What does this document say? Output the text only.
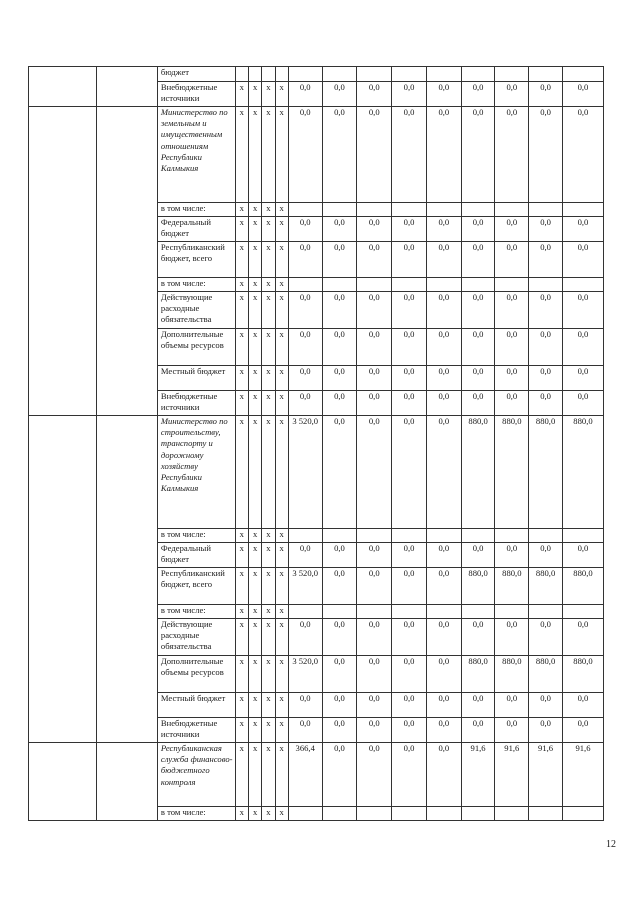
		бюджет													
		Внебюджетные источники	x	x	x	x	0,0	0,0	0,0	0,0	0,0	0,0	0,0	0,0	0,0
		Министерство по земельным и имущественным отношениям Республики Калмыкия	x	x	x	x	0,0	0,0	0,0	0,0	0,0	0,0	0,0	0,0	0,0
		в том числе:	x	x	x	x									
		Федеральный бюджет	x	x	x	x	0,0	0,0	0,0	0,0	0,0	0,0	0,0	0,0	0,0
		Республиканский бюджет, всего	x	x	x	x	0,0	0,0	0,0	0,0	0,0	0,0	0,0	0,0	0,0
		в том числе:	x	x	x	x									
		Действующие расходные обязательства	x	x	x	x	0,0	0,0	0,0	0,0	0,0	0,0	0,0	0,0	0,0
		Дополнительные объемы ресурсов	x	x	x	x	0,0	0,0	0,0	0,0	0,0	0,0	0,0	0,0	0,0
		Местный бюджет	x	x	x	x	0,0	0,0	0,0	0,0	0,0	0,0	0,0	0,0	0,0
		Внебюджетные источники	x	x	x	x	0,0	0,0	0,0	0,0	0,0	0,0	0,0	0,0	0,0
		Министерство по строительству, транспорту и дорожному хозяйству Республики Калмыкия	x	x	x	x	3 520,0	0,0	0,0	0,0	0,0	880,0	880,0	880,0	880,0
		в том числе:	x	x	x	x									
		Федеральный бюджет	x	x	x	x	0,0	0,0	0,0	0,0	0,0	0,0	0,0	0,0	0,0
		Республиканский бюджет, всего	x	x	x	x	3 520,0	0,0	0,0	0,0	0,0	880,0	880,0	880,0	880,0
		в том числе:	x	x	x	x									
		Действующие расходные обязательства	x	x	x	x	0,0	0,0	0,0	0,0	0,0	0,0	0,0	0,0	0,0
		Дополнительные объемы ресурсов	x	x	x	x	3 520,0	0,0	0,0	0,0	0,0	880,0	880,0	880,0	880,0
		Местный бюджет	x	x	x	x	0,0	0,0	0,0	0,0	0,0	0,0	0,0	0,0	0,0
		Внебюджетные источники	x	x	x	x	0,0	0,0	0,0	0,0	0,0	0,0	0,0	0,0	0,0
		Республиканская служба финансово-бюджетного контроля	x	x	x	x	366,4	0,0	0,0	0,0	0,0	91,6	91,6	91,6	91,6
		в том числе:	x	x	x	x									
12
